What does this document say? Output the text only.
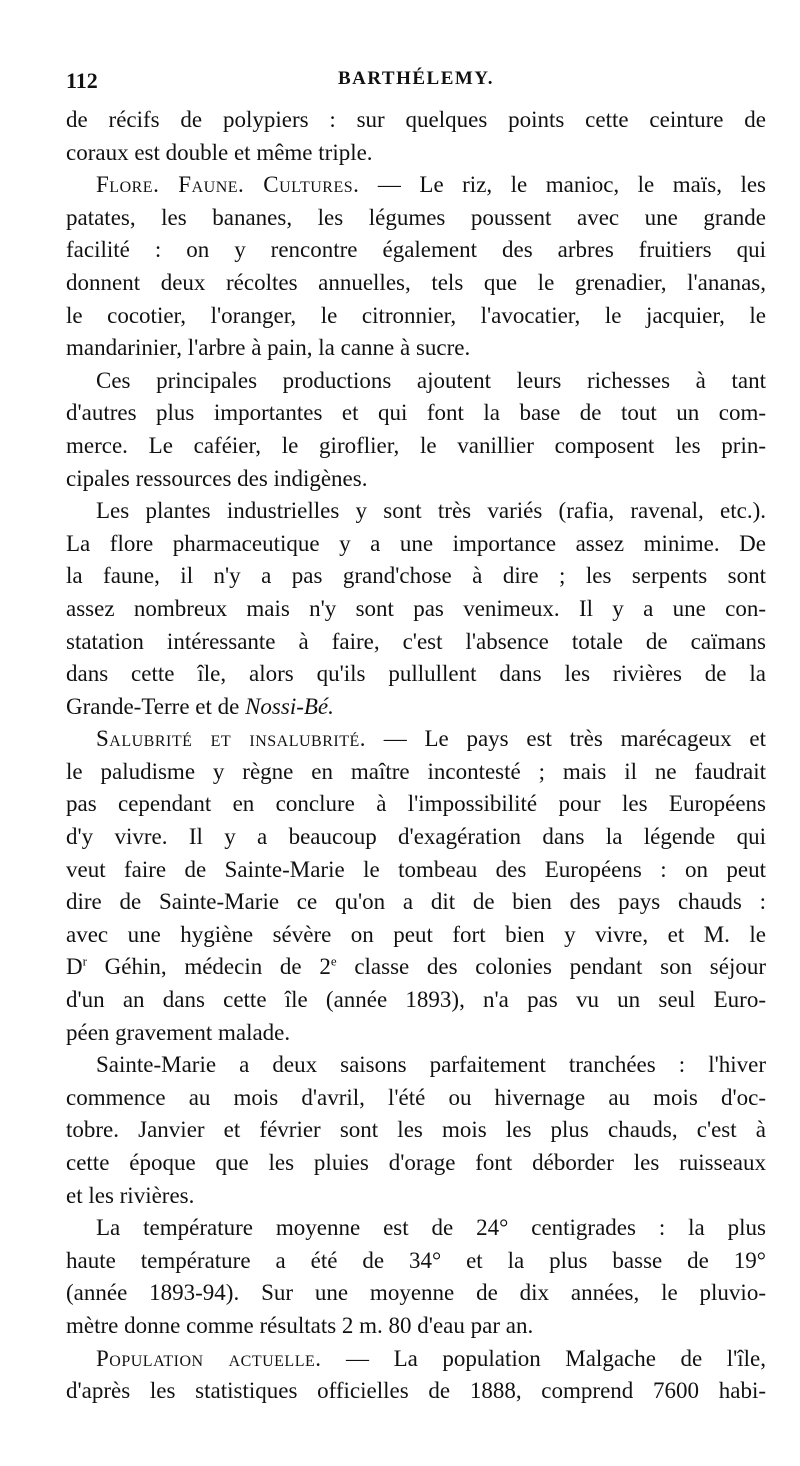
112	BARTHÉLEMY.
de récifs de polypiers : sur quelques points cette ceinture de
coraux est double et même triple.
Flore. Faune. Cultures. — Le riz, le manioc, le maïs, les
patates, les bananes, les légumes poussent avec une grande
facilité : on y rencontre également des arbres fruitiers qui
donnent deux récoltes annuelles, tels que le grenadier, l'ananas,
le cocotier, l'oranger, le citronnier, l'avocatier, le jacquier, le
mandarinier, l'arbre à pain, la canne à sucre.
Ces principales productions ajoutent leurs richesses à tant
d'autres plus importantes et qui font la base de tout un com-
merce. Le caféier, le giroflier, le vanillier composent les prin-
cipales ressources des indigènes.
Les plantes industrielles y sont très variés (rafia, ravenal, etc.).
La flore pharmaceutique y a une importance assez minime. De
la faune, il n'y a pas grand'chose à dire ; les serpents sont
assez nombreux mais n'y sont pas venimeux. Il y a une con-
statation intéressante à faire, c'est l'absence totale de caïmans
dans cette île, alors qu'ils pullullent dans les rivières de la
Grande-Terre et de Nossi-Bé.
Salubrité et insalubrité. — Le pays est très marécageux et
le paludisme y règne en maître incontesté ; mais il ne faudrait
pas cependant en conclure à l'impossibilité pour les Européens
d'y vivre. Il y a beaucoup d'exagération dans la légende qui
veut faire de Sainte-Marie le tombeau des Européens : on peut
dire de Sainte-Marie ce qu'on a dit de bien des pays chauds :
avec une hygiène sévère on peut fort bien y vivre, et M. le
$D^r$ Géhin, médecin de 2e classe des colonies pendant son séjour
d'un an dans cette île (année 1893), n'a pas vu un seul Euro-
péen gravement malade.
Sainte-Marie a deux saisons parfaitement tranchées : l'hiver
commence au mois d'avril, l'été ou hivernage au mois d'oc-
tobre. Janvier et février sont les mois les plus chauds, c'est à
cette époque que les pluies d'orage font déborder les ruisseaux
et les rivières.
La température moyenne est de 24° centigrades : la plus
haute température a été de 34° et la plus basse de 19°
(année 1893-94). Sur une moyenne de dix années, le pluvio-
mètre donne comme résultats 2 m. 80 d'eau par an.
Population actuelle. — La population Malgache de l'île,
d'après les statistiques officielles de 1888, comprend 7600 habi-
